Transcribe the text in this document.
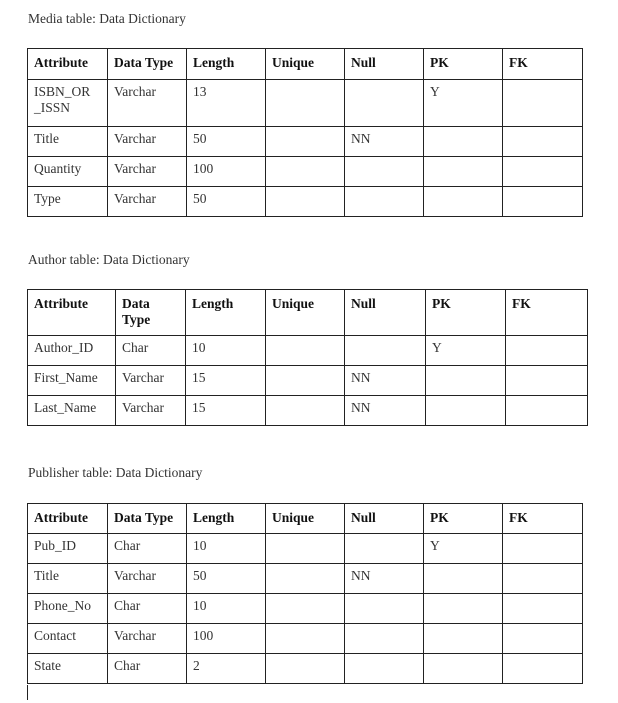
Media table: Data Dictionary

Attribute	Data Type	Length	Unique	Null	PK	FK
ISBN_OR
_ISSN	Varchar	13			Y	
Title	Varchar	50		NN		
Quantity	Varchar	100				
Type	Varchar	50				

Author table: Data Dictionary

Attribute	Data
Type	Length	Unique	Null	PK	FK
Author_ID	Char	10			Y	
First_Name	Varchar	15		NN		
Last_Name	Varchar	15		NN		

Publisher table: Data Dictionary

Attribute	Data Type	Length	Unique	Null	PK	FK
Pub_ID	Char	10			Y	
Title	Varchar	50		NN		
Phone_No	Char	10				
Contact	Varchar	100				
State	Char	2				
